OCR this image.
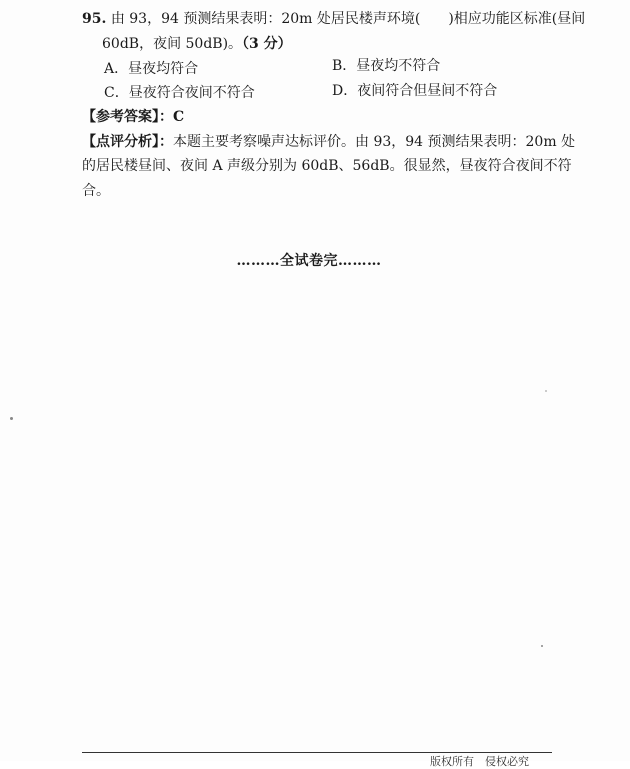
95. 由 93，94 预测结果表明：20m 处居民楼声环境(　　)相应功能区标准(昼间
60dB，夜间 50dB)。（3 分）
A．昼夜均符合	B．昼夜均不符合
C．昼夜符合夜间不符合	D．夜间符合但昼间不符合
【参考答案】：C
【点评分析】：本题主要考察噪声达标评价。由 93，94 预测结果表明：20m 处
的居民楼昼间、夜间 A 声级分别为 60dB、56dB。很显然，昼夜符合夜间不符
合。
………全试卷完………
版权所有　侵权必究
